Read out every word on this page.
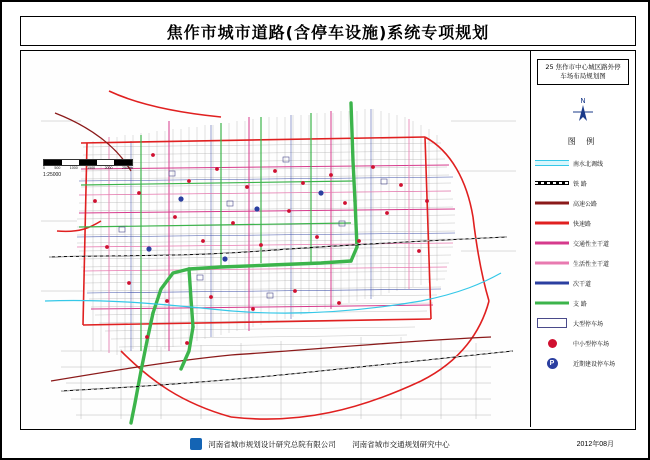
焦作市城市道路(含停车设施)系统专项规划
0	500	1000	1500	2000	2500m
1:25000
25 焦作市中心城区路外停
车场布局规划图
N
图 例
南水北调线
铁 路
高速公路
快速路
交通性主干道
生活性主干道
次干道
支 路
大型停车场
中小型停车场
P	近期建设停车场
河南省城市规划设计研究总院有限公司 河南省城市交通规划研究中心	2012年08月
